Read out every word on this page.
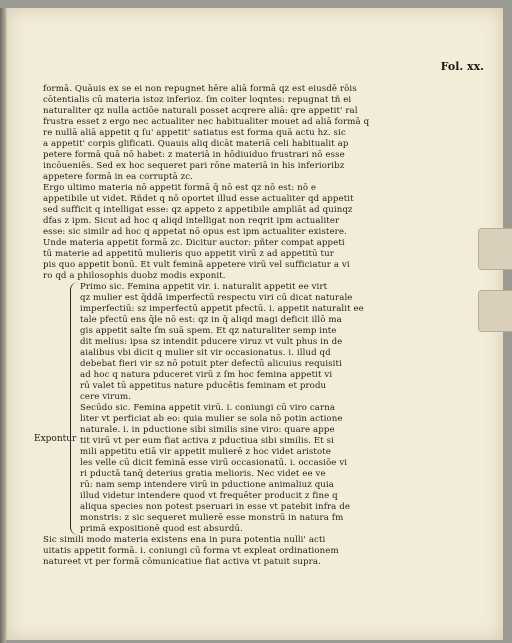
Fol. xx.

formā. Quāuis ex se ei non repugnet hēre aliā formā qz est eiusdē rōis

cōtentialis cū materia istoz inferioz. ſm coiter loqntes: repugnat tñ ei

naturaliter qz nulla actiōe naturali posset acqrere aliā: qre appetit' ral

frustra esset z ergo nec actualiter nec habitualiter mouet ad aliā formā q

re nullā aliā appetit q ſu' appetit' satiatus est forma quā actu hz. sic

a appetit' corpis glificati. Quauis aliq dicāt materiā celi habitualit ap

petere formā quā nō habet: z materiā in hōdiuiduo frustrari nō esse

incōueniēs. Sed ex hoc sequeret pari rōne materiā in his inferioribz

appetere formā in ea corruptā zc.

Ergo ultimo materia nō appetit formā q̄ nō est qz nō est: nō e

appetibile ut videt. Rñdet q nō oportet illud esse actualiter qd appetit

sed sufficit q intelligat esse: qz appeto z appetibile ampliāt ad quinqz

dfas z ipm. Sicut ad hoc q aliqd intelligat non reqrit ipm actualiter

esse: sic similr ad hoc q appetat nō opus est ipm actualiter existere.

Unde materia appetit formā zc. Dicitur auctor: pñter compat appeti

tū materie ad appetitū mulieris quo appetit virū z ad appetitū tur

pis quo appetit bonū. Et vult feminā appetere virū vel sufficiatur a vi

ro qd a philosophis duobz modis exponit.

Primo sic. Femina appetit vir. i. naturalit appetit ee virt

qz mulier est q̄ddā imperfectū respectu viri cū dicat naturale

imperfectiū: sz imperfectū appetit pfectū. i. appetit naturalit ee

tale pfectū ens q̄le nō est: qz in q̄ aliqd magi deficit illō ma

gis appetit salte ſm suā spem. Et qz naturaliter semp inte

dit melius: ipsa sz intendit pducere viruz vt vult phus in de

aialibus vbi dicit q mulier sit vir occasionatus. i. illud qd

debebat fieri vir sz nō potuit pter defectū alicuius requisiti

ad hoc q natura pduceret virū z ſm hoc femina appetit vi

rū valet tū appetitus nature pducētis feminam et produ

cere virum.

Secūdo sic. Femina appetit virū. i. coniungi cū viro carna

liter vt perficiat ab eo: quia mulier se sola nō potin actione

naturale. i. in pductione sibi similis sine viro: quare appe

tit virū vt per eum fiat activa z pductiua sibi similis. Et si

mili appetitu etiā vir appetit mulierē z hoc videt aristote

les velle cū dicit feminā esse virū occasionatū. i. occasiōe vi

ri pductā tanq̄ deterius gratia melioris. Nec videt ee ve

rū: nam semp intendere virū in pductione animaliuz quia

illud videtur intendere quod vt frequēter producit z fine q

aliqua species non potest pseruari in esse vt patebit infra de

monstris: z sic sequeret mulierē esse monstrū in natura fm

primā expositionē quod est absurdū.

Sic simili modo materia existens ena in pura potentia nulli' acti

uitatis appetit formā. i. coniungi cū forma vt expleat ordinationem

natureet vt per formā cōmunicatiue fiat activa vt patuit supra.

Expontur
